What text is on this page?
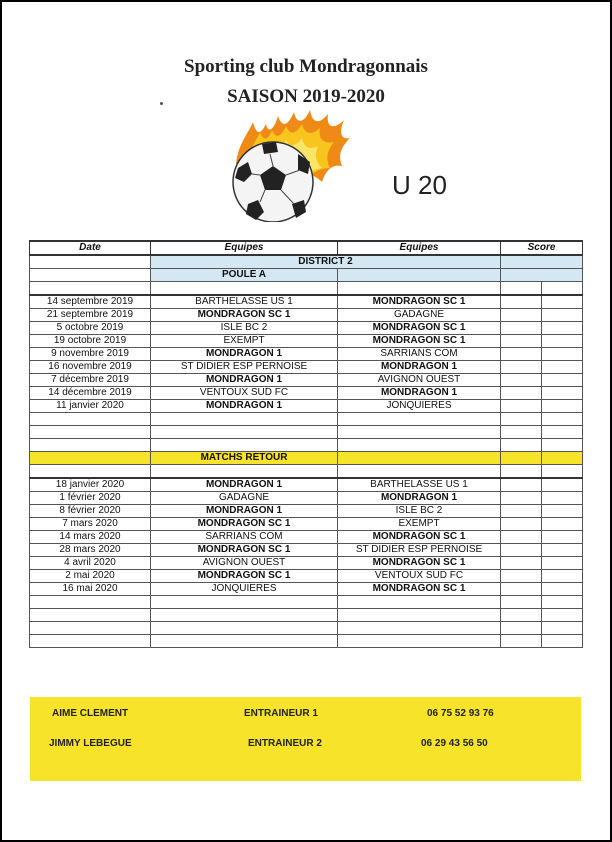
Sporting club Mondragonnais
SAISON 2019-2020
U 20
Date	Equipes	Equipes	Score	
	DISTRICT 2			
	POULE A			

14 septembre 2019	BARTHELASSE US 1	MONDRAGON SC 1		
21 septembre 2019	MONDRAGON SC 1	GADAGNE		
5 octobre 2019	ISLE BC 2	MONDRAGON SC 1		
19 octobre 2019	EXEMPT	MONDRAGON SC 1		
9 novembre 2019	MONDRAGON 1	SARRIANS COM		
16 novembre 2019	ST DIDIER ESP PERNOISE	MONDRAGON 1		
7 décembre 2019	MONDRAGON 1	AVIGNON OUEST		
14 décembre 2019	VENTOUX SUD FC	MONDRAGON 1		
11 janvier 2020	MONDRAGON 1	JONQUIERES		

	MATCHS RETOUR			

18 janvier 2020	MONDRAGON 1	BARTHELASSE US 1		
1 février 2020	GADAGNE	MONDRAGON 1		
8 février 2020	MONDRAGON 1	ISLE BC 2		
7 mars 2020	MONDRAGON SC 1	EXEMPT		
14 mars 2020	SARRIANS COM	MONDRAGON SC 1		
28 mars 2020	MONDRAGON SC 1	ST DIDIER ESP PERNOISE		
4 avril 2020	AVIGNON OUEST	MONDRAGON SC 1		
2 mai 2020	MONDRAGON SC 1	VENTOUX SUD FC		
16 mai 2020	JONQUIERES	MONDRAGON SC 1		

AIME CLEMENT	ENTRAINEUR 1	06 75 52 93 76
JIMMY LEBEGUE	ENTRAINEUR 2	06 29 43 56 50
